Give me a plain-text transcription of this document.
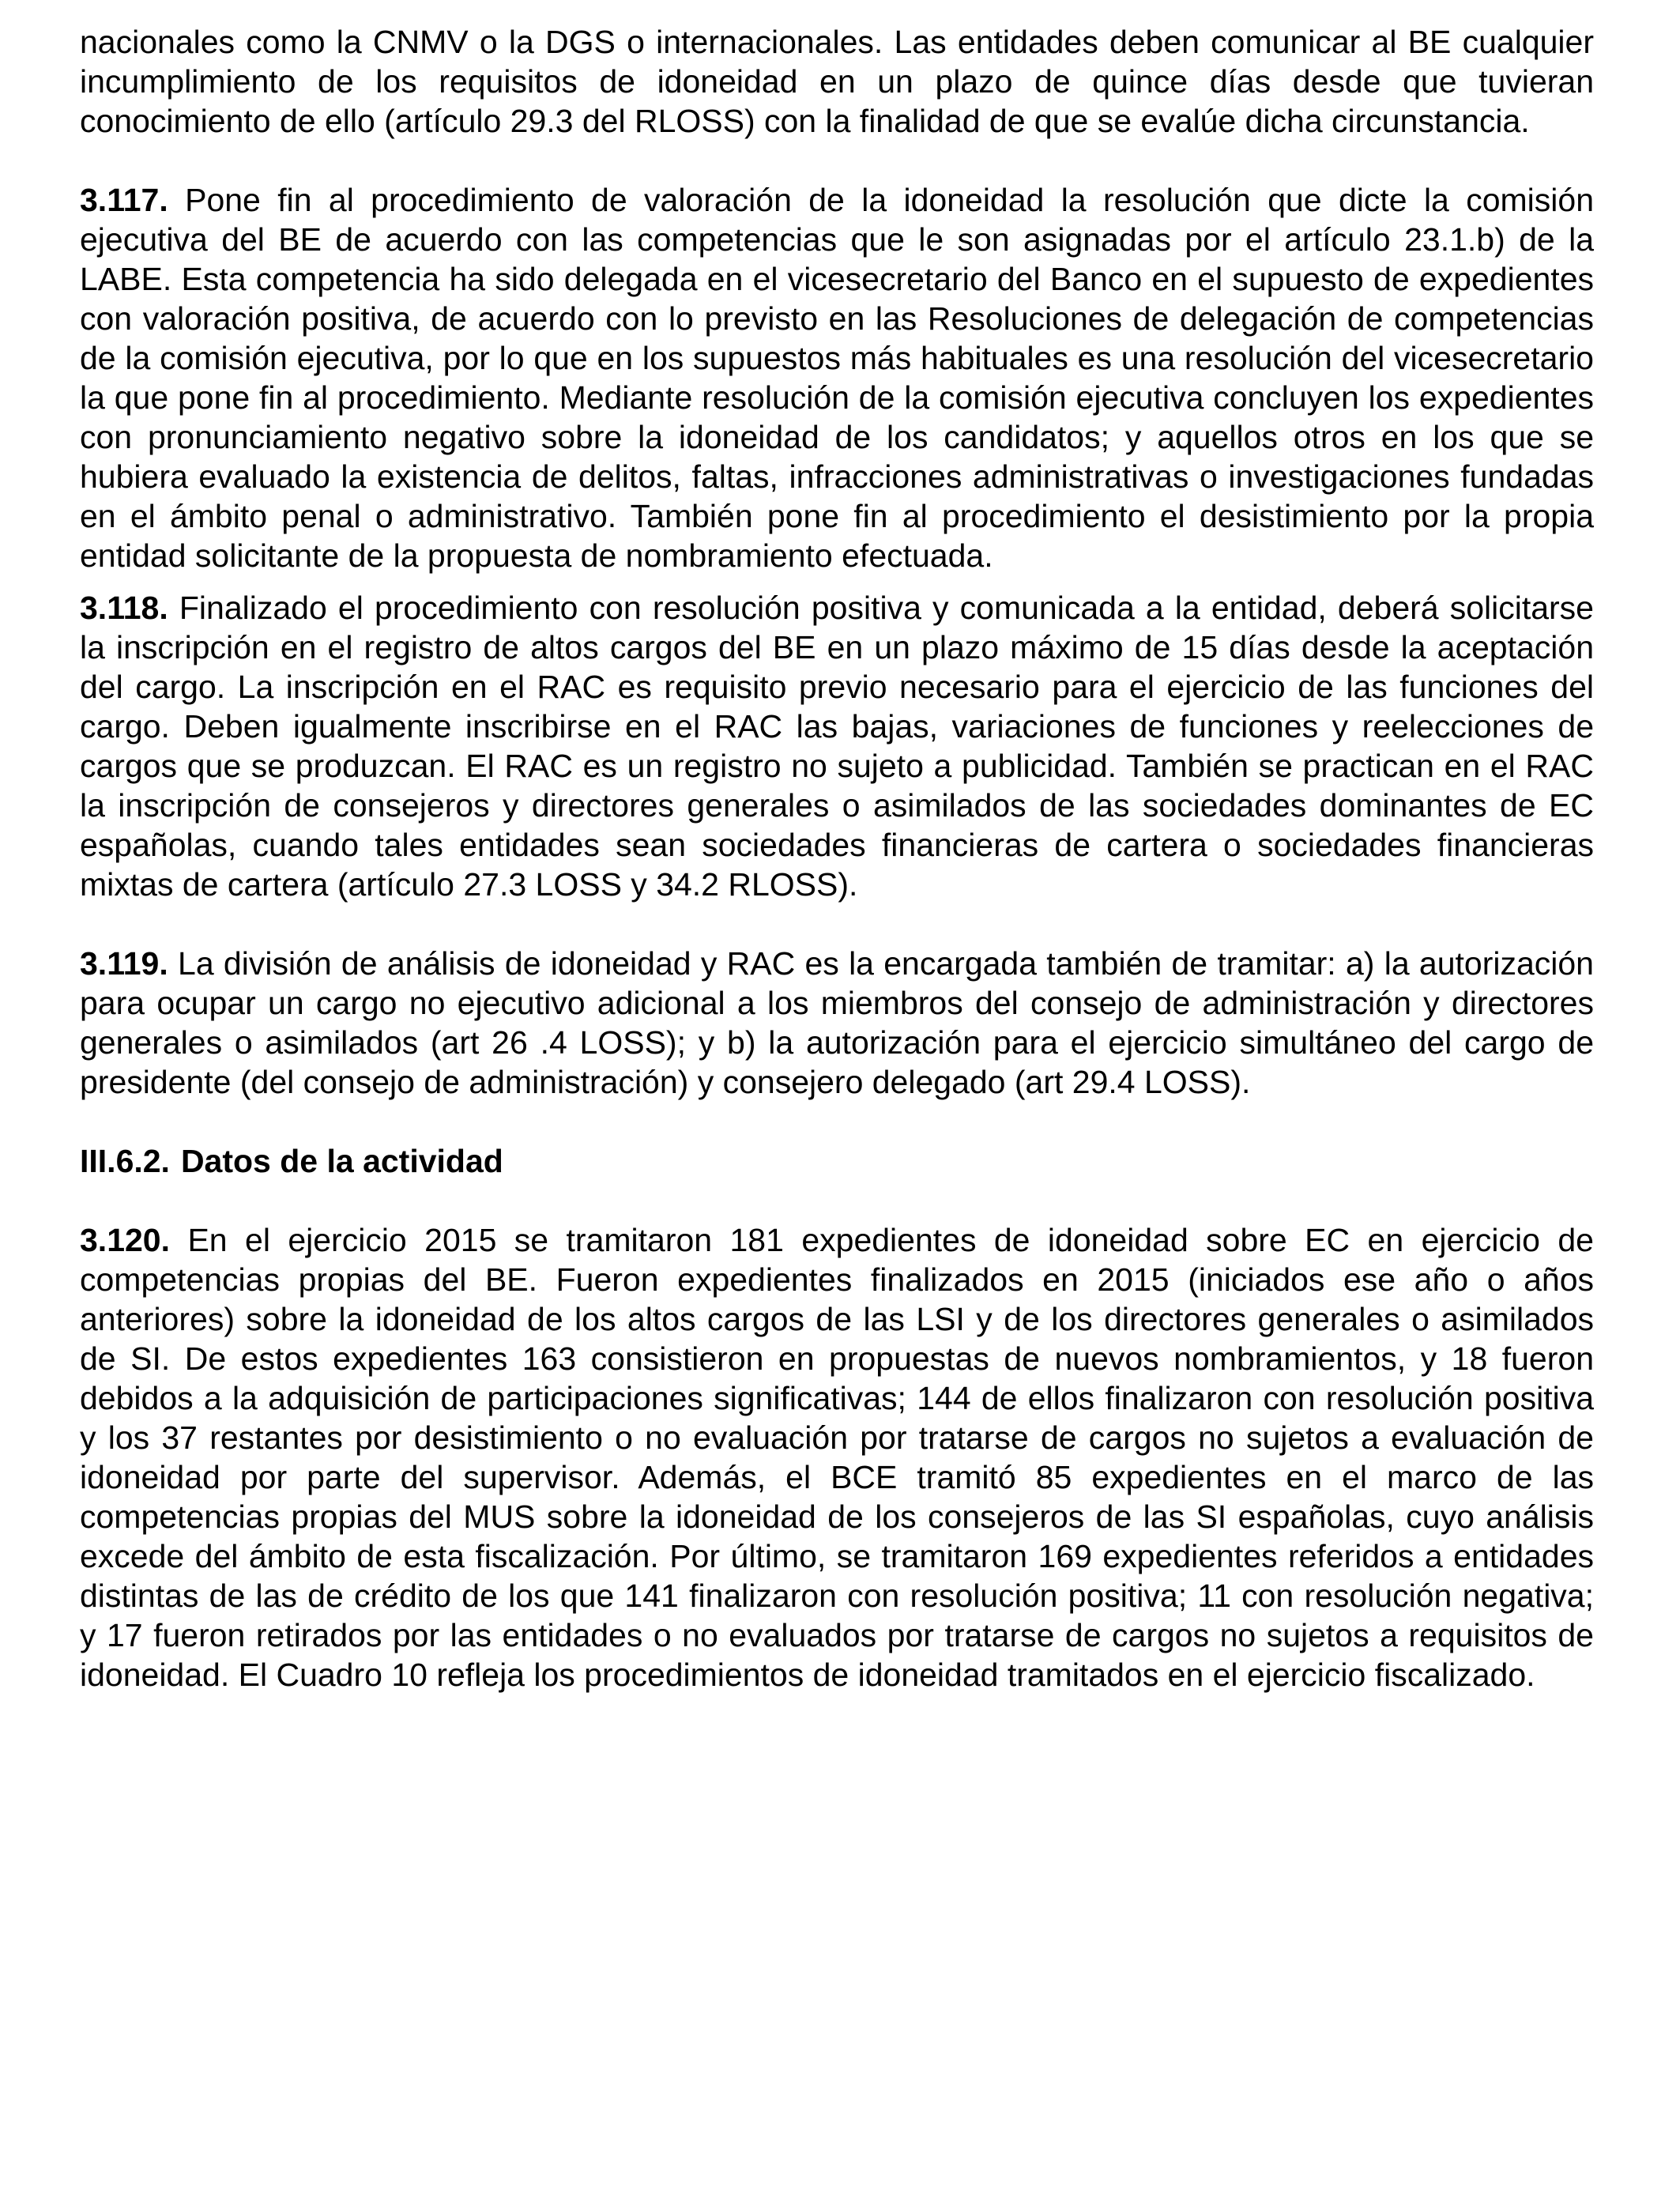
nacionales como la CNMV o la DGS o internacionales. Las entidades deben comunicar al BE cualquier incumplimiento de los requisitos de idoneidad en un plazo de quince días desde que tuvieran conocimiento de ello (artículo 29.3 del RLOSS) con la finalidad de que se evalúe dicha circunstancia.

3.117. Pone fin al procedimiento de valoración de la idoneidad la resolución que dicte la comisión ejecutiva del BE de acuerdo con las competencias que le son asignadas por el artículo 23.1.b) de la LABE. Esta competencia ha sido delegada en el vicesecretario del Banco en el supuesto de expedientes con valoración positiva, de acuerdo con lo previsto en las Resoluciones de delegación de competencias de la comisión ejecutiva, por lo que en los supuestos más habituales es una resolución del vicesecretario la que pone fin al procedimiento. Mediante resolución de la comisión ejecutiva concluyen los expedientes con pronunciamiento negativo sobre la idoneidad de los candidatos; y aquellos otros en los que se hubiera evaluado la existencia de delitos, faltas, infracciones administrativas o investigaciones fundadas en el ámbito penal o administrativo. También pone fin al procedimiento el desistimiento por la propia entidad solicitante de la propuesta de nombramiento efectuada.

3.118. Finalizado el procedimiento con resolución positiva y comunicada a la entidad, deberá solicitarse la inscripción en el registro de altos cargos del BE en un plazo máximo de 15 días desde la aceptación del cargo. La inscripción en el RAC es requisito previo necesario para el ejercicio de las funciones del cargo. Deben igualmente inscribirse en el RAC las bajas, variaciones de funciones y reelecciones de cargos que se produzcan. El RAC es un registro no sujeto a publicidad. También se practican en el RAC la inscripción de consejeros y directores generales o asimilados de las sociedades dominantes de EC españolas, cuando tales entidades sean sociedades financieras de cartera o sociedades financieras mixtas de cartera (artículo 27.3 LOSS y 34.2 RLOSS).

3.119. La división de análisis de idoneidad y RAC es la encargada también de tramitar: a) la autorización para ocupar un cargo no ejecutivo adicional a los miembros del consejo de administración y directores generales o asimilados (art 26 .4 LOSS); y b) la autorización para el ejercicio simultáneo del cargo de presidente (del consejo de administración) y consejero delegado (art 29.4 LOSS).

III.6.2. Datos de la actividad

3.120. En el ejercicio 2015 se tramitaron 181 expedientes de idoneidad sobre EC en ejercicio de competencias propias del BE. Fueron expedientes finalizados en 2015 (iniciados ese año o años anteriores) sobre la idoneidad de los altos cargos de las LSI y de los directores generales o asimilados de SI. De estos expedientes 163 consistieron en propuestas de nuevos nombramientos, y 18 fueron debidos a la adquisición de participaciones significativas; 144 de ellos finalizaron con resolución positiva y los 37 restantes por desistimiento o no evaluación por tratarse de cargos no sujetos a evaluación de idoneidad por parte del supervisor. Además, el BCE tramitó 85 expedientes en el marco de las competencias propias del MUS sobre la idoneidad de los consejeros de las SI españolas, cuyo análisis excede del ámbito de esta fiscalización. Por último, se tramitaron 169 expedientes referidos a entidades distintas de las de crédito de los que 141 finalizaron con resolución positiva; 11 con resolución negativa; y 17 fueron retirados por las entidades o no evaluados por tratarse de cargos no sujetos a requisitos de idoneidad. El Cuadro 10 refleja los procedimientos de idoneidad tramitados en el ejercicio fiscalizado.
